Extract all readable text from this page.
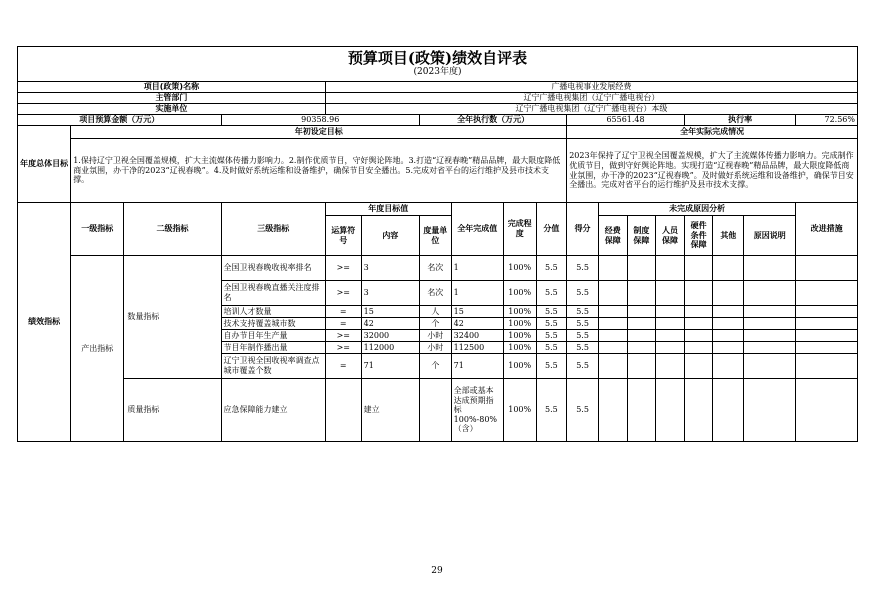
预算项目(政策)绩效自评表
(2023年度)																	

项目(政策)名称				广播电视事业发展经费													
主管部门				辽宁广播电视集团（辽宁广播电视台）													
实施单位				辽宁广播电视集团（辽宁广播电视台）本级													
项目预算金额（万元）			90358.96			全年执行数（万元）				65561.48				执行率			72.56%
年度总体目标	年初设定目标									全年实际完成情况							
	1.保持辽宁卫视全国覆盖规模，扩大主流媒体传播力影响力。2.制作优质节目，守好舆论阵地。3.打造“辽视春晚”精品品牌，最大限度降低商业氛围，办干净的2023“辽视春晚”。4.及时做好系统运维和设备维护，确保节目安全播出。5.完成对省平台的运行维护及县市技术支撑。									2023年保持了辽宁卫视全国覆盖规模，扩大了主流媒体传播力影响力。完成制作优质节目，做到守好舆论阵地。实现打造“辽视春晚”精品品牌，最大限度降低商业氛围，办干净的2023“辽视春晚”。及时做好系统运维和设备维护，确保节目安全播出。完成对省平台的运行维护及县市技术支撑。							
绩效指标	一级指标	二级指标	三级指标	年度目标值			全年完成值	完成程度	分值	得分	未完成原因分析						改进措施
				运算符号	内容	度量单位					经费保障	制度保障	人员保障	硬件条件保障	其他	原因说明	

	产出指标	数量指标	全国卫视春晚收视率排名	>=	3	名次	1	100%	5.5	5.5							
			全国卫视春晚直播关注度排名	>=	3	名次	1	100%	5.5	5.5							
			培训人才数量	=	15	人	15	100%	5.5	5.5							
			技术支持覆盖城市数	=	42	个	42	100%	5.5	5.5							
			自办节目年生产量	>=	32000	小时	32400	100%	5.5	5.5							
			节目年制作播出量	>=	112000	小时	112500	100%	5.5	5.5							
			辽宁卫视全国收视率调查点城市覆盖个数	=	71	个	71	100%	5.5	5.5							
		质量指标	应急保障能力建立		建立		全部或基本达成预期指标100%-80%（含）	100%	5.5	5.5							
29
